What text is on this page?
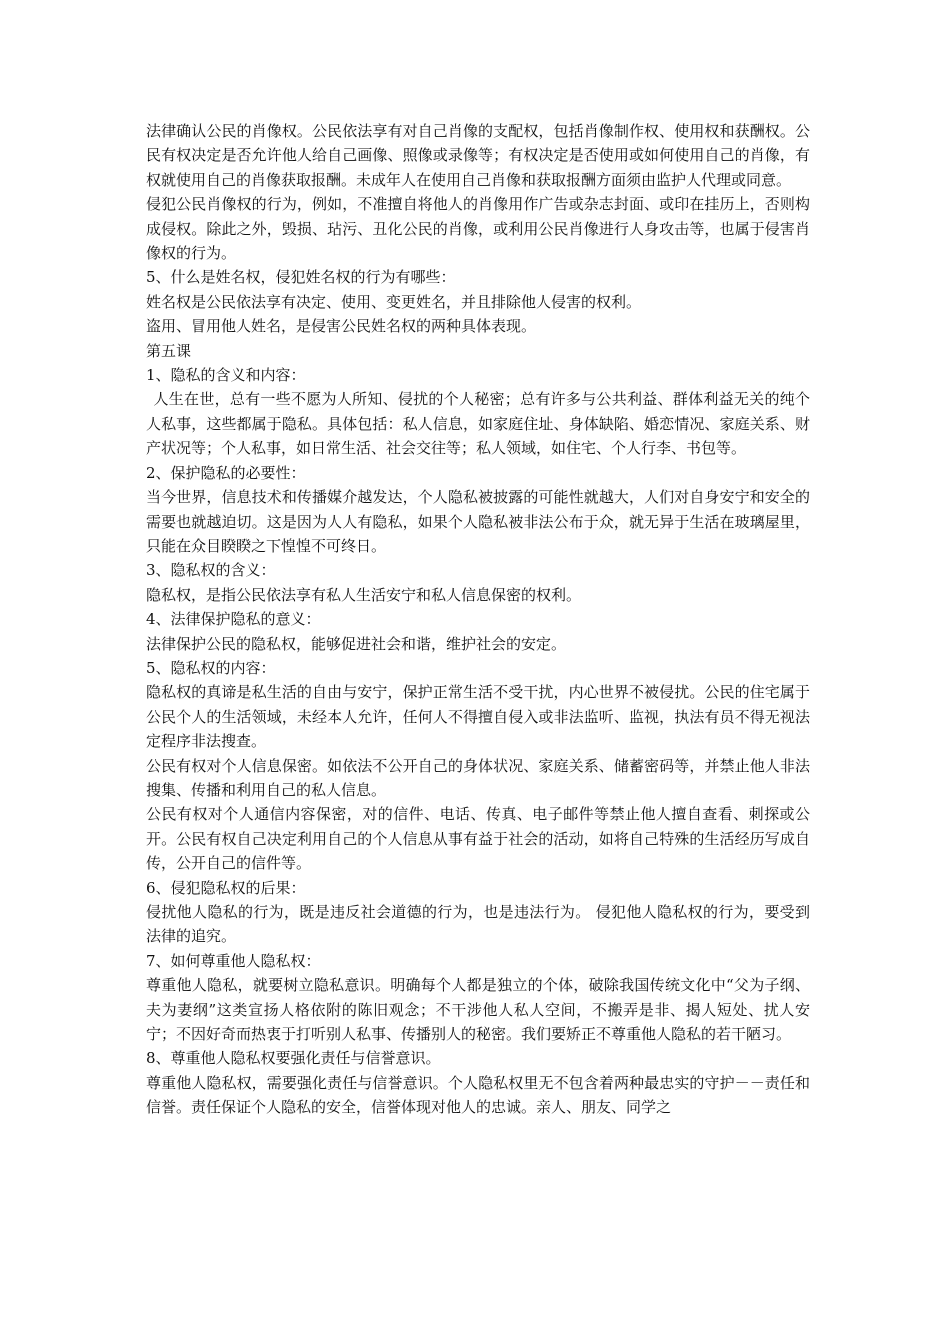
法律确认公民的肖像权。公民依法享有对自己肖像的支配权，包括肖像制作权、使用权和获酬权。公民有权决定是否允许他人给自己画像、照像或录像等；有权决定是否使用或如何使用自己的肖像，有权就使用自己的肖像获取报酬。未成年人在使用自己肖像和获取报酬方面须由监护人代理或同意。

侵犯公民肖像权的行为，例如，不准擅自将他人的肖像用作广告或杂志封面、或印在挂历上，否则构成侵权。除此之外，毁损、玷污、丑化公民的肖像，或利用公民肖像进行人身攻击等，也属于侵害肖像权的行为。

5、什么是姓名权，侵犯姓名权的行为有哪些：

姓名权是公民依法享有决定、使用、变更姓名，并且排除他人侵害的权利。

盗用、冒用他人姓名，是侵害公民姓名权的两种具体表现。

第五课

1、隐私的含义和内容：

人生在世，总有一些不愿为人所知、侵扰的个人秘密；总有许多与公共利益、群体利益无关的纯个人私事，这些都属于隐私。具体包括：私人信息，如家庭住址、身体缺陷、婚恋情况、家庭关系、财产状况等；个人私事，如日常生活、社会交往等；私人领域，如住宅、个人行李、书包等。

2、保护隐私的必要性：

当今世界，信息技术和传播媒介越发达，个人隐私被披露的可能性就越大，人们对自身安宁和安全的需要也就越迫切。这是因为人人有隐私，如果个人隐私被非法公布于众，就无异于生活在玻璃屋里，只能在众目睽睽之下惶惶不可终日。

3、隐私权的含义：

隐私权，是指公民依法享有私人生活安宁和私人信息保密的权利。

4、法律保护隐私的意义：

法律保护公民的隐私权，能够促进社会和谐，维护社会的安定。

5、隐私权的内容：

隐私权的真谛是私生活的自由与安宁，保护正常生活不受干扰，内心世界不被侵扰。公民的住宅属于公民个人的生活领域，未经本人允许，任何人不得擅自侵入或非法监听、监视，执法有员不得无视法定程序非法搜查。

公民有权对个人信息保密。如依法不公开自己的身体状况、家庭关系、储蓄密码等，并禁止他人非法搜集、传播和利用自己的私人信息。

公民有权对个人通信内容保密，对的信件、电话、传真、电子邮件等禁止他人擅自查看、刺探或公开。公民有权自己决定利用自己的个人信息从事有益于社会的活动，如将自己特殊的生活经历写成自传，公开自己的信件等。

6、侵犯隐私权的后果：

侵扰他人隐私的行为，既是违反社会道德的行为，也是违法行为。 侵犯他人隐私权的行为，要受到法律的追究。

7、如何尊重他人隐私权：

尊重他人隐私，就要树立隐私意识。明确每个人都是独立的个体，破除我国传统文化中“父为子纲、夫为妻纲”这类宣扬人格依附的陈旧观念；不干涉他人私人空间，不搬弄是非、揭人短处、扰人安宁；不因好奇而热衷于打听别人私事、传播别人的秘密。我们要矫正不尊重他人隐私的若干陋习。

8、尊重他人隐私权要强化责任与信誉意识。

尊重他人隐私权，需要强化责任与信誉意识。个人隐私权里无不包含着两种最忠实的守护－－责任和信誉。责任保证个人隐私的安全，信誉体现对他人的忠诚。亲人、朋友、同学之
